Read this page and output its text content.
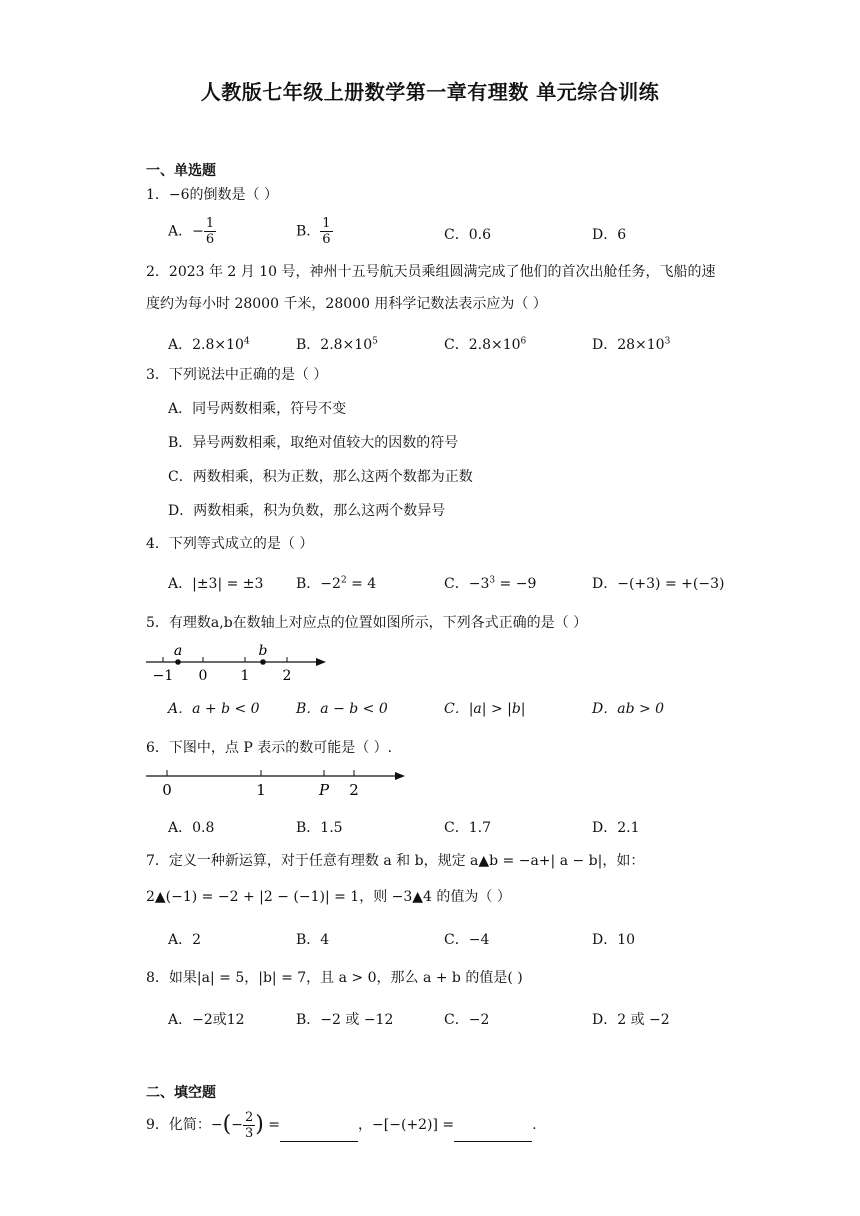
人教版七年级上册数学第一章有理数 单元综合训练
一、单选题
1．−6的倒数是（ ）
A．− $\frac{1}{6}$	B． $\frac{1}{6}$	C．0.6	D．6
2．2023 年 2 月 10 号，神州十五号航天员乘组圆满完成了他们的首次出舱任务，飞船的速度约为每小时 28000 千米，28000 用科学记数法表示应为（ ）
A．$2.8\times 10^4$	B．$2.8\times 10^5$	C．$2.8\times 10^6$	D．$28\times 10^3$
3．下列说法中正确的是（ ）
A．同号两数相乘，符号不变
B．异号两数相乘，取绝对值较大的因数的符号
C．两数相乘，积为正数，那么这两个数都为正数
D．两数相乘，积为负数，那么这两个数异号
4．下列等式成立的是（ ）
A．|±3| = ±3 B．$-2^2 = 4$	C．$-3^3 = -9$	D．−(+3) = +(−3)
5．有理数a,b在数轴上对应点的位置如图所示，下列各式正确的是（ ）
a	b
−1 0 1 2
A．a + b < 0	B．a − b < 0	C．|a| > |b|	D．ab > 0
6．下图中，点 P 表示的数可能是（ ）.
0	1	P 2
A．0.8	B．1.5	C．1.7	D．2.1
7．定义一种新运算，对于任意有理数 a 和 b，规定 a▲b = −a+| a − b|，如：
2▲(−1) = −2 + |2 − (−1)| = 1，则 −3▲4 的值为（ ）
A．2	B．4	C．−4	D．10
8．如果|a| = 5，|b| = 7，且 a > 0，那么 a + b 的值是( )
A．−2或12	B．−2 或 −12	C．−2	D．2 或 −2
二、填空题
9．化简：−(− $\frac{2}{3}$ ) =	，−[−(+2)] =	.
